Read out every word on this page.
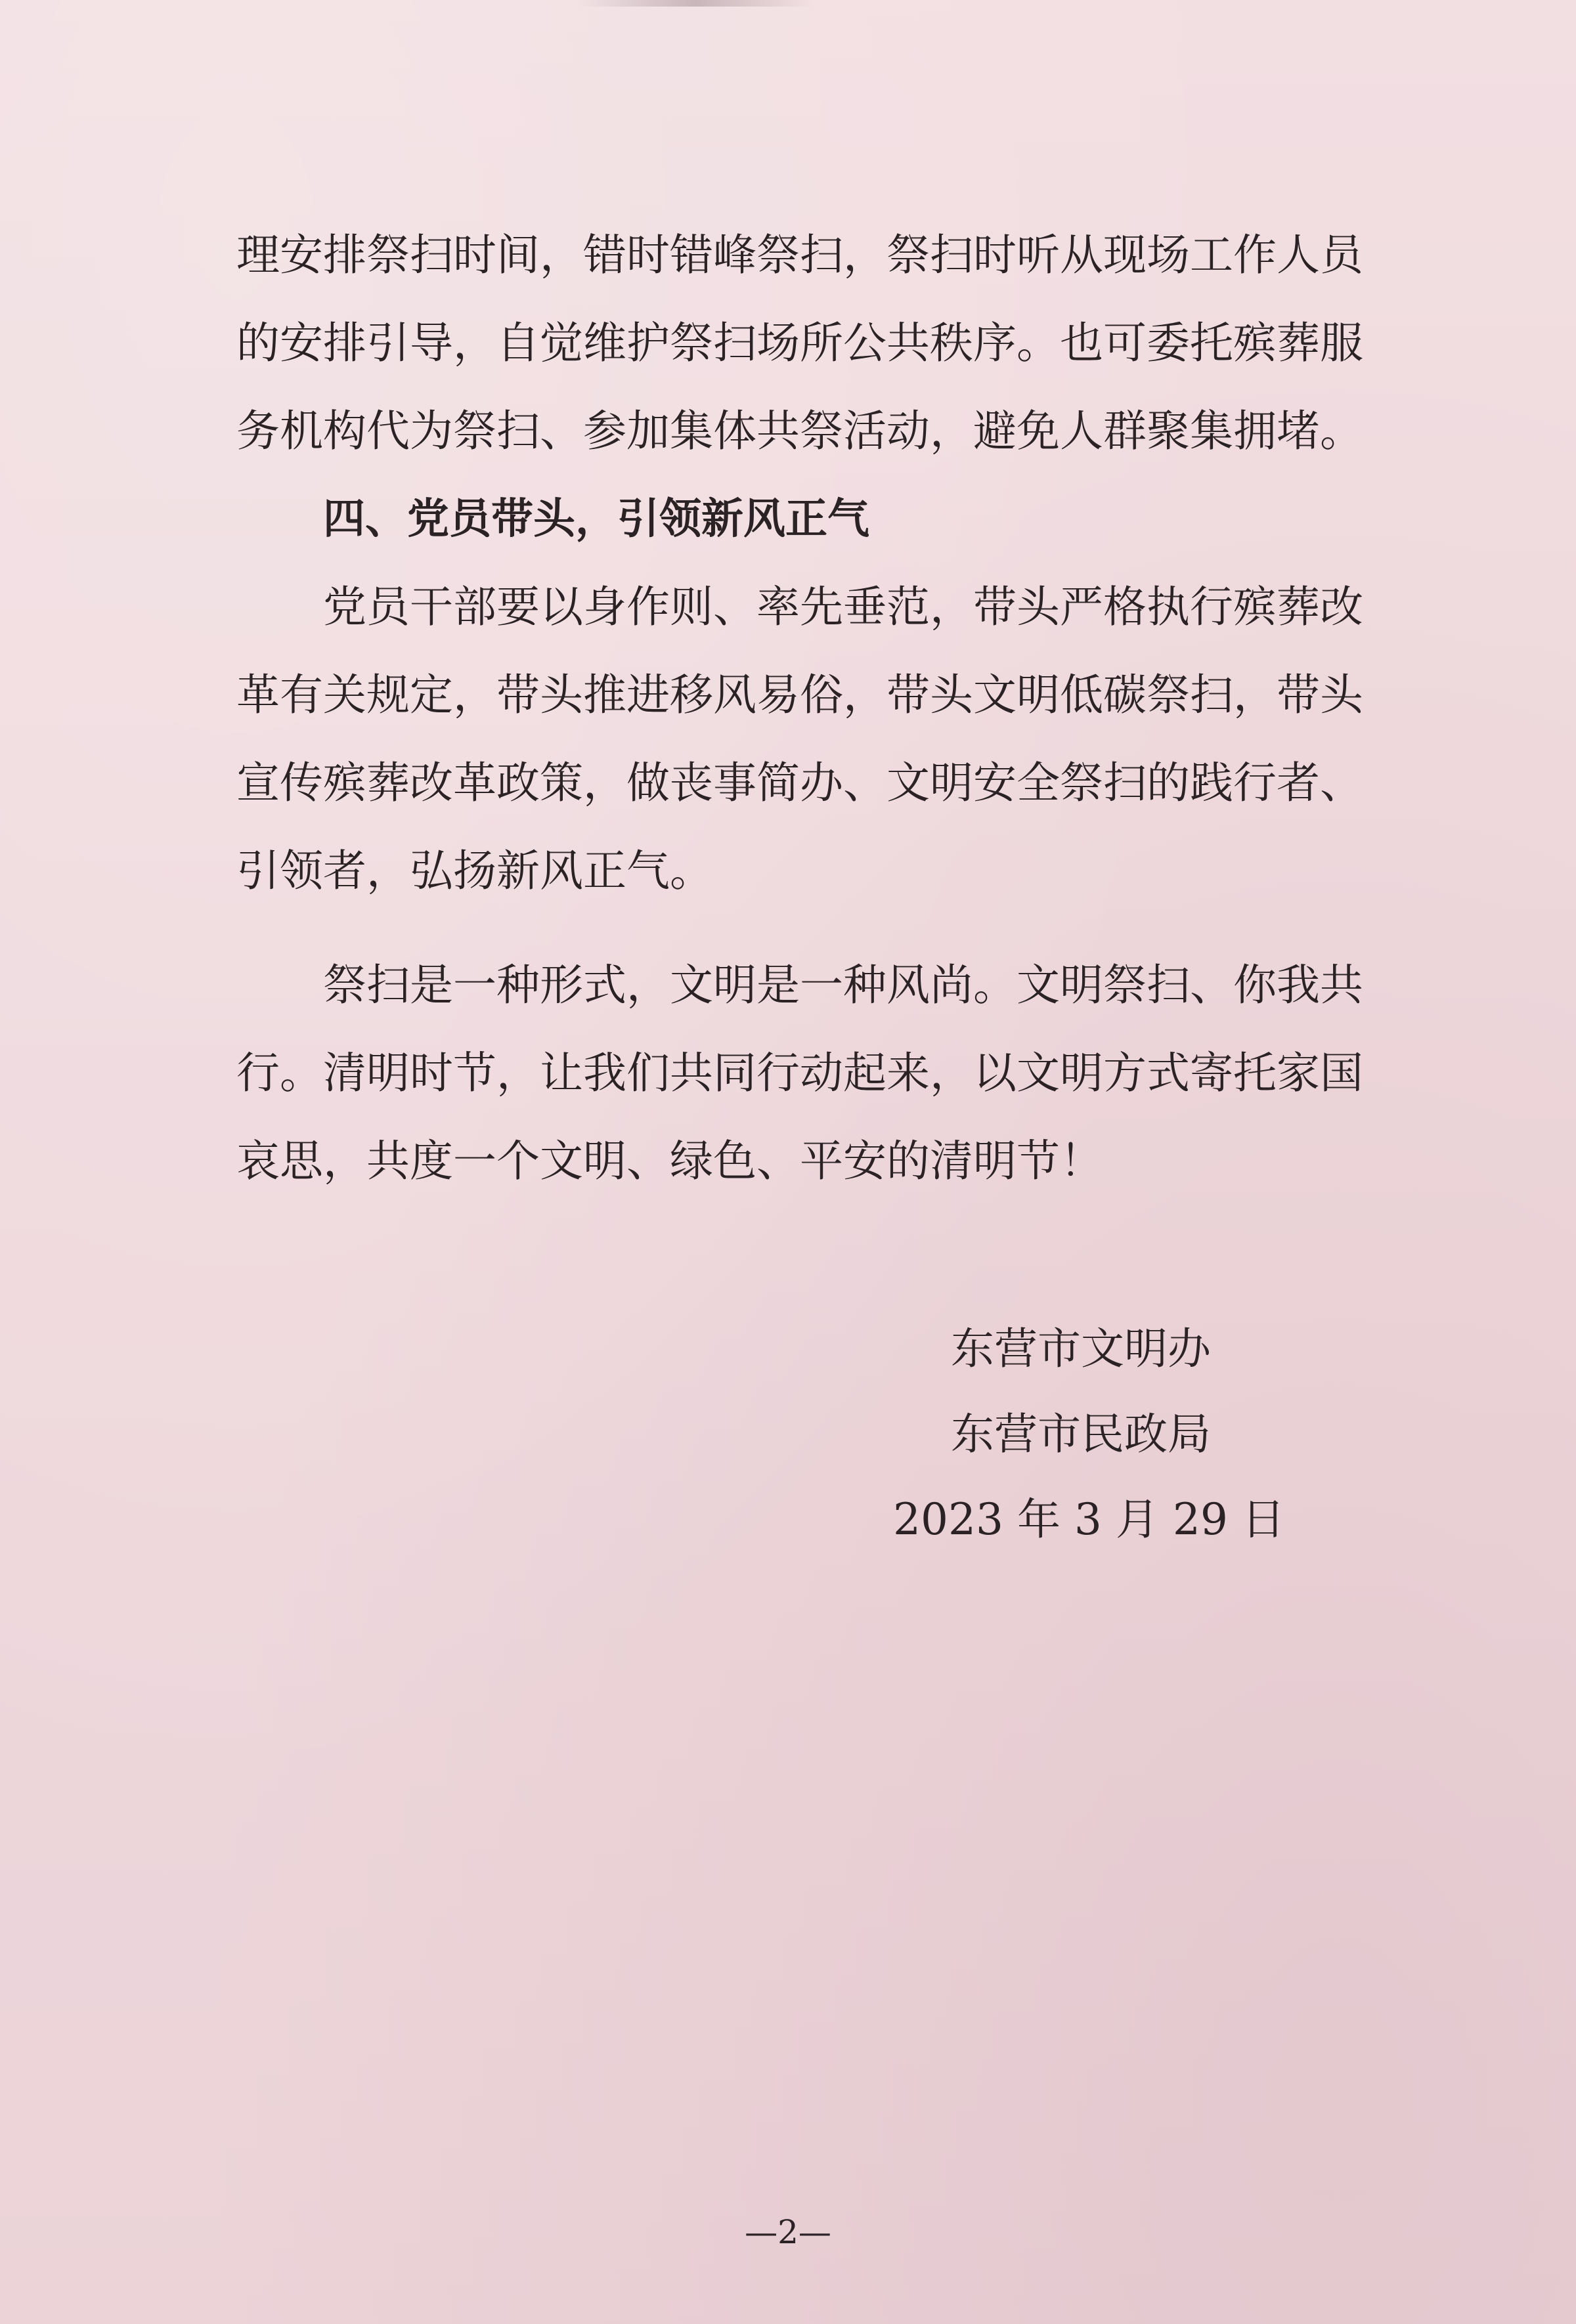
理安排祭扫时间，错时错峰祭扫，祭扫时听从现场工作人员
的安排引导，自觉维护祭扫场所公共秩序。也可委托殡葬服
务机构代为祭扫、参加集体共祭活动，避免人群聚集拥堵。
四、党员带头，引领新风正气
党员干部要以身作则、率先垂范，带头严格执行殡葬改
革有关规定，带头推进移风易俗，带头文明低碳祭扫，带头
宣传殡葬改革政策，做丧事简办、文明安全祭扫的践行者、
引领者，弘扬新风正气。
祭扫是一种形式，文明是一种风尚。文明祭扫、你我共
行。清明时节，让我们共同行动起来，以文明方式寄托家国
哀思，共度一个文明、绿色、平安的清明节！
东营市文明办
东营市民政局
2023 年 3 月 29 日
—2—
